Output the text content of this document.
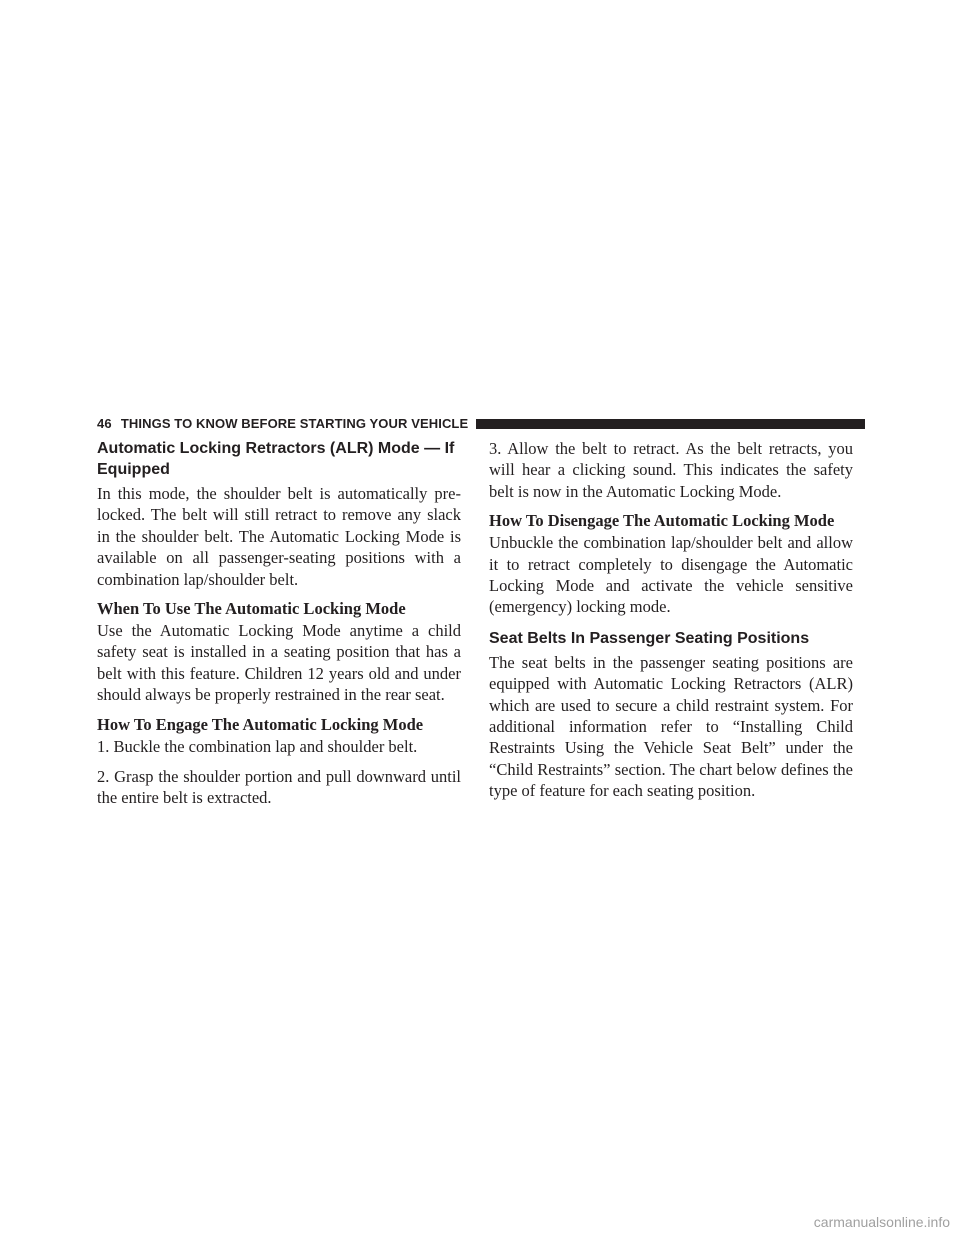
46 THINGS TO KNOW BEFORE STARTING YOUR VEHICLE
Automatic Locking Retractors (ALR) Mode — If Equipped

In this mode, the shoulder belt is automatically pre-locked. The belt will still retract to remove any slack in the shoulder belt. The Automatic Locking Mode is available on all passenger-seating positions with a combination lap/shoulder belt.

When To Use The Automatic Locking Mode

Use the Automatic Locking Mode anytime a child safety seat is installed in a seating position that has a belt with this feature. Children 12 years old and under should always be properly restrained in the rear seat.

How To Engage The Automatic Locking Mode

1. Buckle the combination lap and shoulder belt.

2. Grasp the shoulder portion and pull downward until the entire belt is extracted.

3. Allow the belt to retract. As the belt retracts, you will hear a clicking sound. This indicates the safety belt is now in the Automatic Locking Mode.

How To Disengage The Automatic Locking Mode

Unbuckle the combination lap/shoulder belt and allow it to retract completely to disengage the Automatic Locking Mode and activate the vehicle sensitive (emergency) locking mode.

Seat Belts In Passenger Seating Positions

The seat belts in the passenger seating positions are equipped with Automatic Locking Retractors (ALR) which are used to secure a child restraint system. For additional information refer to “Installing Child Restraints Using the Vehicle Seat Belt” under the “Child Restraints” section. The chart below defines the type of feature for each seating position.

carmanualsonline.info
